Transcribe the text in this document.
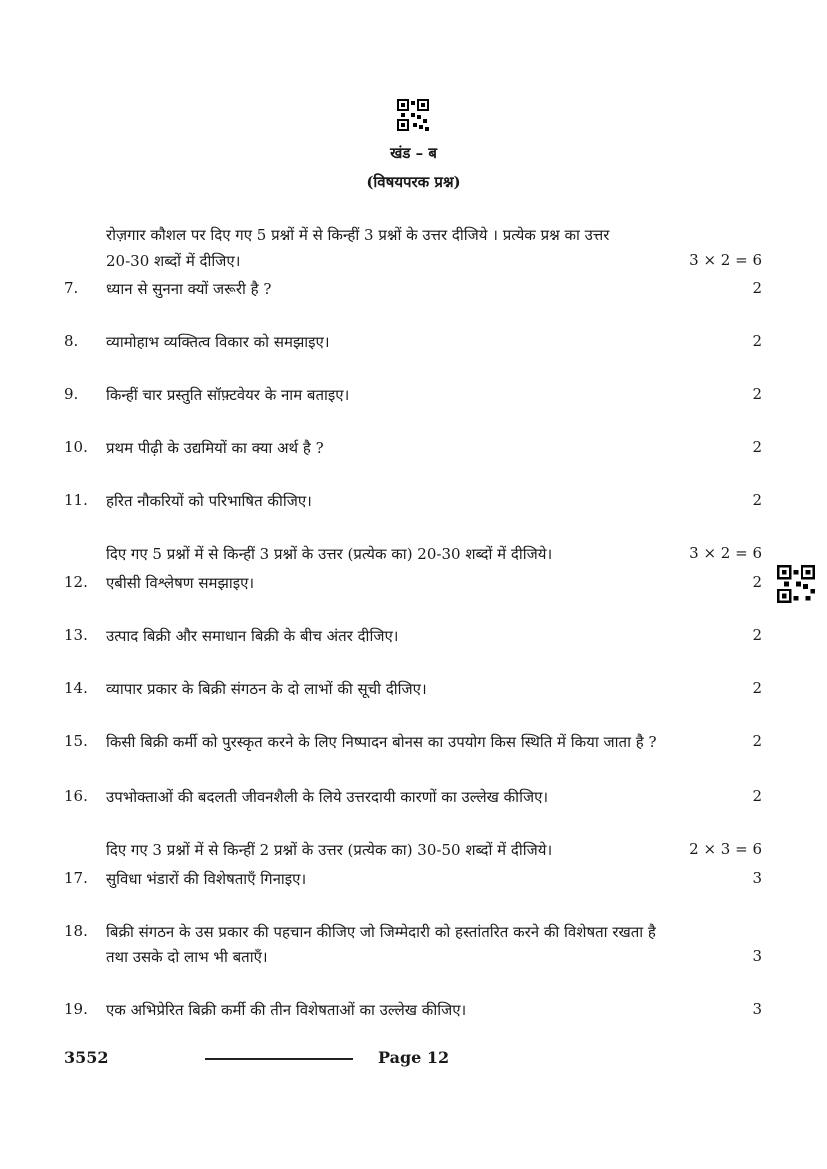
खंड – ब
(विषयपरक प्रश्न)
रोज़गार कौशल पर दिए गए 5 प्रश्नों में से किन्हीं 3 प्रश्नों के उत्तर दीजिये । प्रत्येक प्रश्न का उत्तर
20-30 शब्दों में दीजिए।	3 × 2 = 6
7. ध्यान से सुनना क्यों जरूरी है ?	2
8. व्यामोहाभ व्यक्तित्व विकार को समझाइए।	2
9. किन्हीं चार प्रस्तुति सॉफ़्टवेयर के नाम बताइए।	2
10. प्रथम पीढ़ी के उद्यमियों का क्या अर्थ है ?	2
11. हरित नौकरियों को परिभाषित कीजिए।	2
दिए गए 5 प्रश्नों में से किन्हीं 3 प्रश्नों के उत्तर (प्रत्येक का) 20-30 शब्दों में दीजिये।	3 × 2 = 6
12. एबीसी विश्लेषण समझाइए।	2
13. उत्पाद बिक्री और समाधान बिक्री के बीच अंतर दीजिए।	2
14. व्यापार प्रकार के बिक्री संगठन के दो लाभों की सूची दीजिए।	2
15. किसी बिक्री कर्मी को पुरस्कृत करने के लिए निष्पादन बोनस का उपयोग किस स्थिति में किया जाता है ?	2
16. उपभोक्ताओं की बदलती जीवनशैली के लिये उत्तरदायी कारणों का उल्लेख कीजिए।	2
दिए गए 3 प्रश्नों में से किन्हीं 2 प्रश्नों के उत्तर (प्रत्येक का) 30-50 शब्दों में दीजिये।	2 × 3 = 6
17. सुविधा भंडारों की विशेषताएँ गिनाइए।	3
18. बिक्री संगठन के उस प्रकार की पहचान कीजिए जो जिम्मेदारी को हस्तांतरित करने की विशेषता रखता है
तथा उसके दो लाभ भी बताएँ।	3
19. एक अभिप्रेरित बिक्री कर्मी की तीन विशेषताओं का उल्लेख कीजिए।	3
3552	Page 12
